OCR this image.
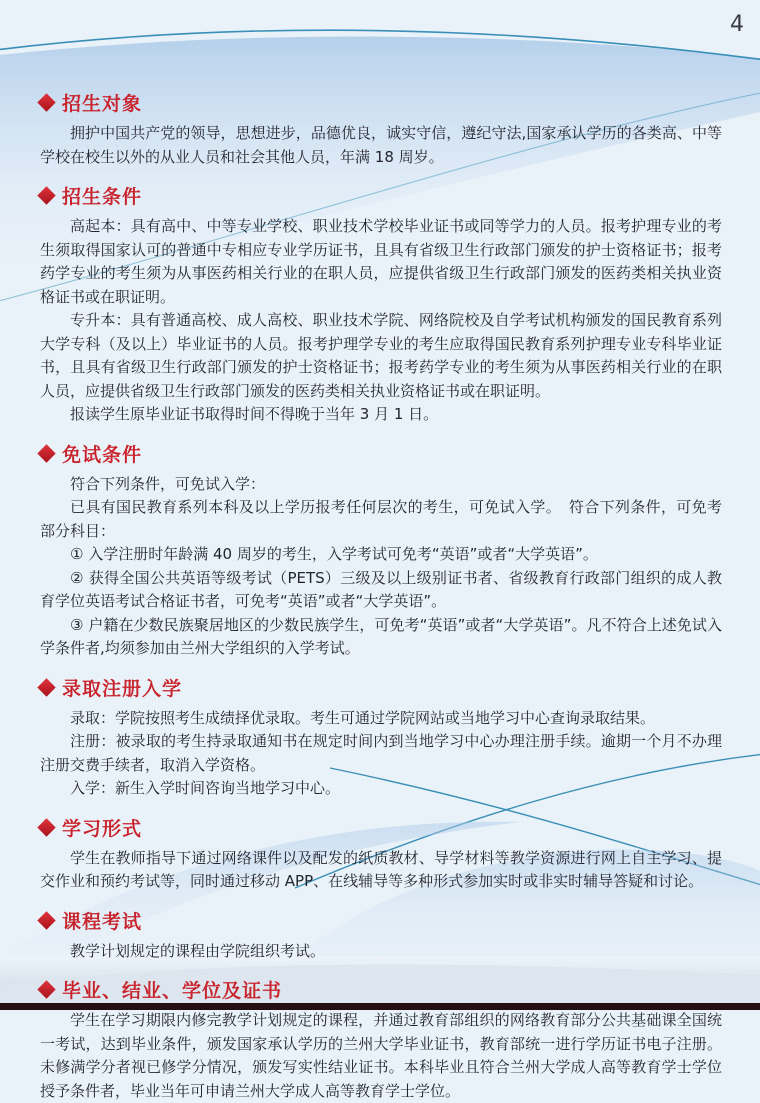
4
招生对象

拥护中国共产党的领导，思想进步，品德优良，诚实守信，遵纪守法,国家承认学历的各类高、中等学校在校生以外的从业人员和社会其他人员，年满 18 周岁。

招生条件

高起本：具有高中、中等专业学校、职业技术学校毕业证书或同等学力的人员。报考护理专业的考生须取得国家认可的普通中专相应专业学历证书，且具有省级卫生行政部门颁发的护士资格证书；报考药学专业的考生须为从事医药相关行业的在职人员，应提供省级卫生行政部门颁发的医药类相关执业资格证书或在职证明。

专升本：具有普通高校、成人高校、职业技术学院、网络院校及自学考试机构颁发的国民教育系列大学专科（及以上）毕业证书的人员。报考护理学专业的考生应取得国民教育系列护理专业专科毕业证书，且具有省级卫生行政部门颁发的护士资格证书；报考药学专业的考生须为从事医药相关行业的在职人员，应提供省级卫生行政部门颁发的医药类相关执业资格证书或在职证明。

报读学生原毕业证书取得时间不得晚于当年 3 月 1 日。

免试条件

符合下列条件，可免试入学：

已具有国民教育系列本科及以上学历报考任何层次的考生，可免试入学。　符合下列条件，可免考部分科目：

① 入学注册时年龄满 40 周岁的考生，入学考试可免考“英语”或者“大学英语”。

② 获得全国公共英语等级考试（PETS）三级及以上级别证书者、省级教育行政部门组织的成人教育学位英语考试合格证书者，可免考“英语”或者“大学英语”。

③ 户籍在少数民族聚居地区的少数民族学生，可免考“英语”或者“大学英语”。凡不符合上述免试入学条件者,均须参加由兰州大学组织的入学考试。

录取注册入学

录取：学院按照考生成绩择优录取。考生可通过学院网站或当地学习中心查询录取结果。

注册：被录取的考生持录取通知书在规定时间内到当地学习中心办理注册手续。逾期一个月不办理注册交费手续者，取消入学资格。

入学：新生入学时间咨询当地学习中心。

学习形式

学生在教师指导下通过网络课件以及配发的纸质教材、导学材料等教学资源进行网上自主学习、提交作业和预约考试等，同时通过移动 APP、在线辅导等多种形式参加实时或非实时辅导答疑和讨论。

课程考试

教学计划规定的课程由学院组织考试。

毕业、结业、学位及证书

学生在学习期限内修完教学计划规定的课程，并通过教育部组织的网络教育部分公共基础课全国统一考试，达到毕业条件，颁发国家承认学历的兰州大学毕业证书，教育部统一进行学历证书电子注册。未修满学分者视已修学分情况，颁发写实性结业证书。本科毕业且符合兰州大学成人高等教育学士学位授予条件者，毕业当年可申请兰州大学成人高等教育学士学位。
